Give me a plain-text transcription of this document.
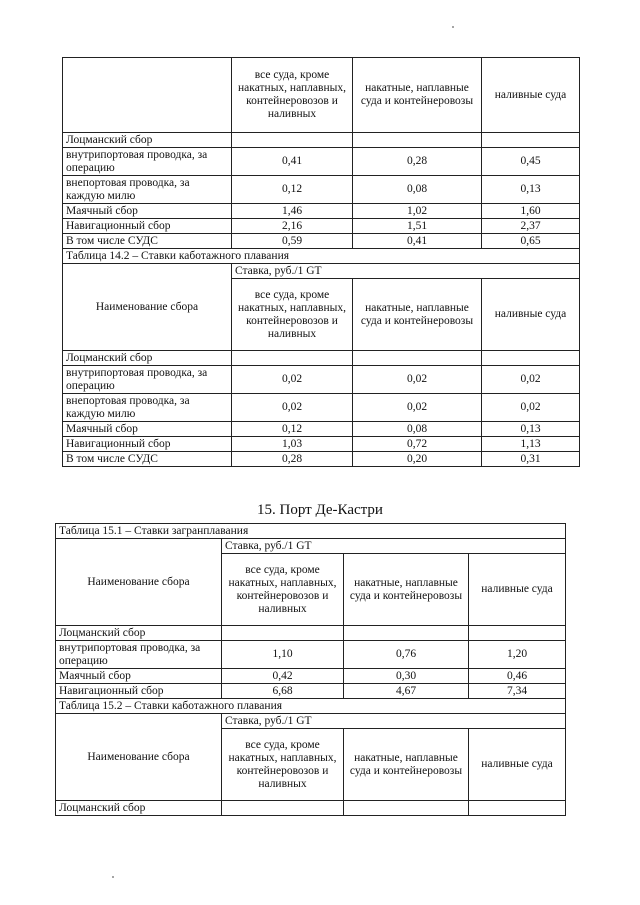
	все суда, кроме накатных, наплавных, контейнеровозов и наливных	накатные, наплавные суда и контейнеровозы	наливные суда
Лоцманский сбор			
внутрипортовая проводка, за операцию	0,41	0,28	0,45
внепортовая проводка, за каждую милю	0,12	0,08	0,13
Маячный сбор	1,46	1,02	1,60
Навигационный сбор	2,16	1,51	2,37
В том числе СУДС	0,59	0,41	0,65
Таблица 14.2 – Ставки каботажного плавания			
Наименование сбора	Ставка, руб./1 GT		
	все суда, кроме накатных, наплавных, контейнеровозов и наливных	накатные, наплавные суда и контейнеровозы	наливные суда
Лоцманский сбор			
внутрипортовая проводка, за операцию	0,02	0,02	0,02
внепортовая проводка, за каждую милю	0,02	0,02	0,02
Маячный сбор	0,12	0,08	0,13
Навигационный сбор	1,03	0,72	1,13
В том числе СУДС	0,28	0,20	0,31
15. Порт Де-Кастри
Таблица 15.1 – Ставки загранплавания			
Наименование сбора	Ставка, руб./1 GT		
	все суда, кроме накатных, наплавных, контейнеровозов и наливных	накатные, наплавные суда и контейнеровозы	наливные суда
Лоцманский сбор			
внутрипортовая проводка, за операцию	1,10	0,76	1,20
Маячный сбор	0,42	0,30	0,46
Навигационный сбор	6,68	4,67	7,34
Таблица 15.2 – Ставки каботажного плавания			
Наименование сбора	Ставка, руб./1 GT		
	все суда, кроме накатных, наплавных, контейнеровозов и наливных	накатные, наплавные суда и контейнеровозы	наливные суда
Лоцманский сбор			
